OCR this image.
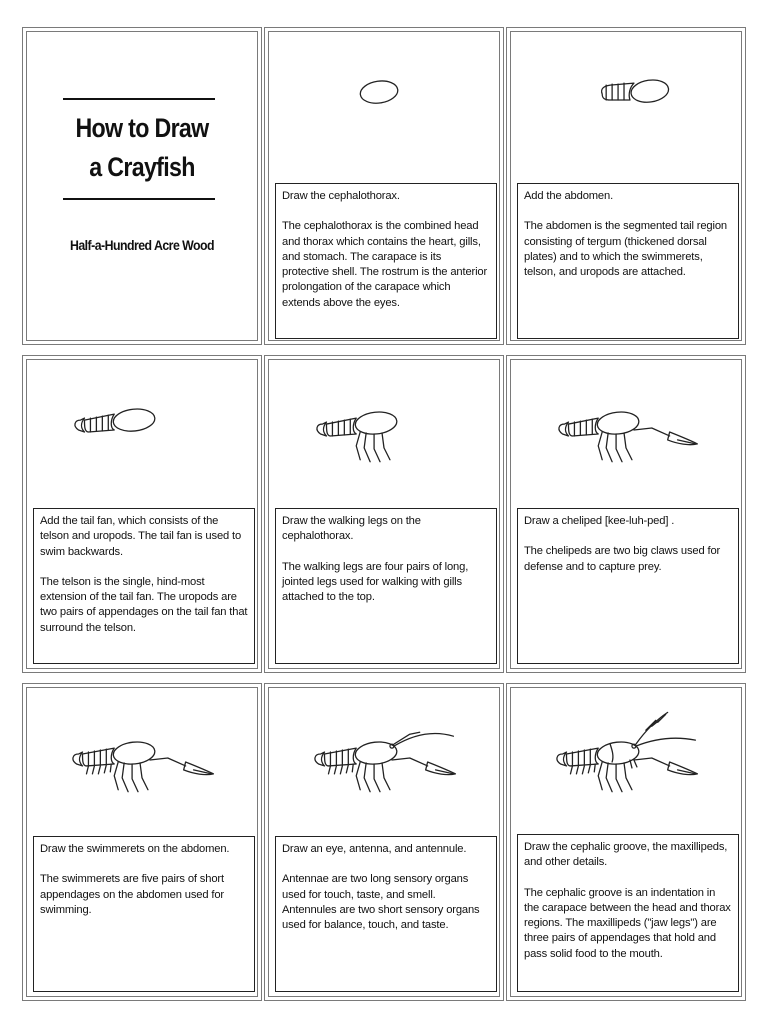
How to Draw
a Crayfish
Half-a-Hundred Acre Wood

Draw the cephalothorax.

The cephalothorax is the combined head and thorax which contains the heart, gills, and stomach. The carapace is its protective shell. The rostrum is the anterior prolongation of the carapace which extends above the eyes.

Add the abdomen.

The abdomen is the segmented tail region consisting of tergum (thickened dorsal plates) and to which the swimmerets, telson, and uropods are attached.

Add the tail fan, which consists of the telson and uropods. The tail fan is used to swim backwards.

The telson is the single, hind-most extension of the tail fan. The uropods are two pairs of appendages on the tail fan that surround the telson.

Draw the walking legs on the cephalothorax.

The walking legs are four pairs of long, jointed legs used for walking with gills attached to the top.

Draw a cheliped [kee-luh-ped] .

The chelipeds are two big claws used for defense and to capture prey.

Draw the swimmerets on the abdomen.

The swimmerets are five pairs of short appendages on the abdomen used for swimming.

Draw an eye, antenna, and antennule.

Antennae are two long sensory organs used for touch, taste, and smell. Antennules are two short sensory organs used for balance, touch, and taste.

Draw the cephalic groove, the maxillipeds, and other details.

The cephalic groove is an indentation in the carapace between the head and thorax regions. The maxillipeds ("jaw legs") are three pairs of appendages that hold and pass solid food to the mouth.
